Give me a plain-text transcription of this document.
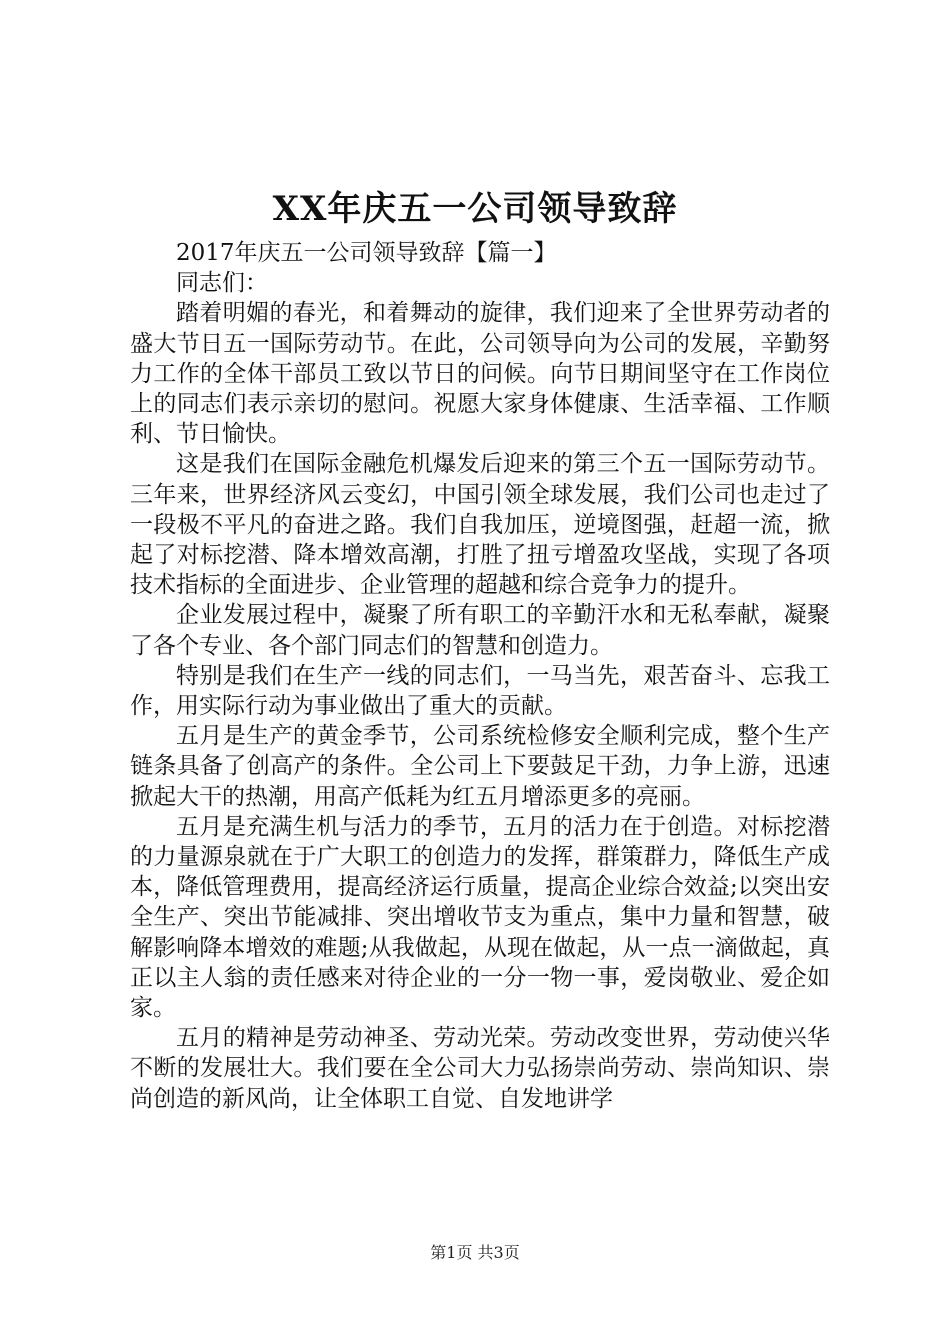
XX年庆五一公司领导致辞

2017年庆五一公司领导致辞【篇一】

同志们：

踏着明媚的春光，和着舞动的旋律，我们迎来了全世界劳动者的盛大节日五一国际劳动节。在此，公司领导向为公司的发展，辛勤努力工作的全体干部员工致以节日的问候。向节日期间坚守在工作岗位上的同志们表示亲切的慰问。祝愿大家身体健康、生活幸福、工作顺利、节日愉快。

这是我们在国际金融危机爆发后迎来的第三个五一国际劳动节。三年来，世界经济风云变幻，中国引领全球发展，我们公司也走过了一段极不平凡的奋进之路。我们自我加压，逆境图强，赶超一流，掀起了对标挖潜、降本增效高潮，打胜了扭亏增盈攻坚战，实现了各项技术指标的全面进步、企业管理的超越和综合竞争力的提升。

企业发展过程中，凝聚了所有职工的辛勤汗水和无私奉献，凝聚了各个专业、各个部门同志们的智慧和创造力。

特别是我们在生产一线的同志们，一马当先，艰苦奋斗、忘我工作，用实际行动为事业做出了重大的贡献。

五月是生产的黄金季节，公司系统检修安全顺利完成，整个生产链条具备了创高产的条件。全公司上下要鼓足干劲，力争上游，迅速掀起大干的热潮，用高产低耗为红五月增添更多的亮丽。

五月是充满生机与活力的季节，五月的活力在于创造。对标挖潜的力量源泉就在于广大职工的创造力的发挥，群策群力，降低生产成本，降低管理费用，提高经济运行质量，提高企业综合效益;以突出安全生产、突出节能减排、突出增收节支为重点，集中力量和智慧，破解影响降本增效的难题;从我做起，从现在做起，从一点一滴做起，真正以主人翁的责任感来对待企业的一分一物一事，爱岗敬业、爱企如家。

五月的精神是劳动神圣、劳动光荣。劳动改变世界，劳动使兴华不断的发展壮大。我们要在全公司大力弘扬崇尚劳动、崇尚知识、崇尚创造的新风尚，让全体职工自觉、自发地讲学

第1页 共3页
